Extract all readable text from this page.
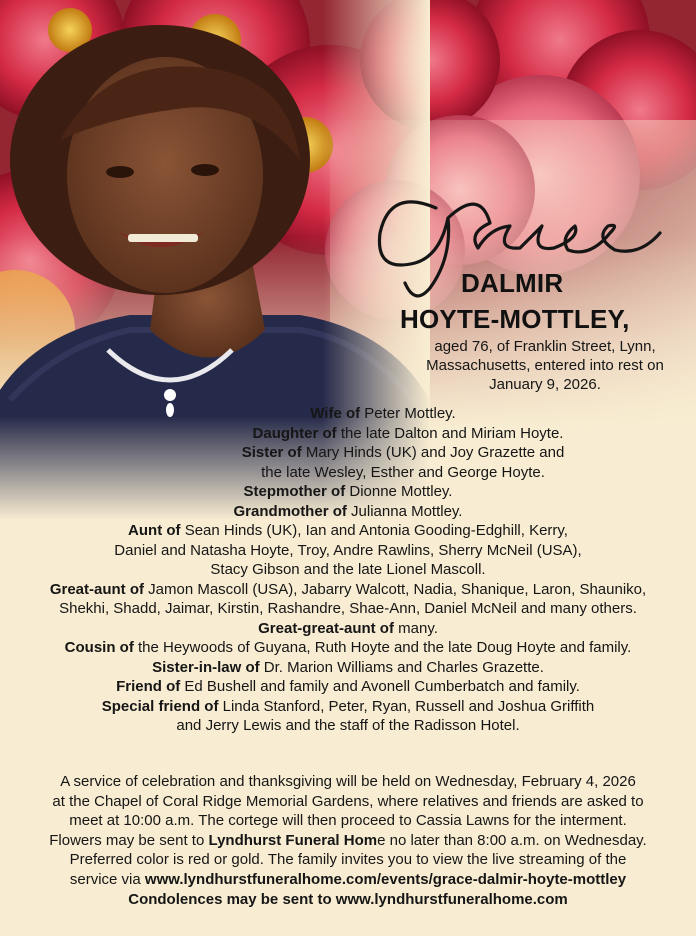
DALMIR
HOYTE-MOTTLEY,
aged 76, of Franklin Street, Lynn,
Massachusetts, entered into rest on
January 9, 2026.
Wife of Peter Mottley.
Daughter of the late Dalton and Miriam Hoyte.
Sister of Mary Hinds (UK) and Joy Grazette and
the late Wesley, Esther and George Hoyte.
Stepmother of Dionne Mottley.
Grandmother of Julianna Mottley.
Aunt of Sean Hinds (UK), Ian and Antonia Gooding-Edghill, Kerry,
Daniel and Natasha Hoyte, Troy, Andre Rawlins, Sherry McNeil (USA),
Stacy Gibson and the late Lionel Mascoll.
Great-aunt of Jamon Mascoll (USA), Jabarry Walcott, Nadia, Shanique, Laron, Shauniko,
Shekhi, Shadd, Jaimar, Kirstin, Rashandre, Shae-Ann, Daniel McNeil and many others.
Great-great-aunt of many.
Cousin of the Heywoods of Guyana, Ruth Hoyte and the late Doug Hoyte and family.
Sister-in-law of Dr. Marion Williams and Charles Grazette.
Friend of Ed Bushell and family and Avonell Cumberbatch and family.
Special friend of Linda Stanford, Peter, Ryan, Russell and Joshua Griffith
and Jerry Lewis and the staff of the Radisson Hotel.
A service of celebration and thanksgiving will be held on Wednesday, February 4, 2026
at the Chapel of Coral Ridge Memorial Gardens, where relatives and friends are asked to
meet at 10:00 a.m. The cortege will then proceed to Cassia Lawns for the interment.
Flowers may be sent to Lyndhurst Funeral Home no later than 8:00 a.m. on Wednesday.
Preferred color is red or gold. The family invites you to view the live streaming of the
service via www.lyndhurstfuneralhome.com/events/grace-dalmir-hoyte-mottley
Condolences may be sent to www.lyndhurstfuneralhome.com
